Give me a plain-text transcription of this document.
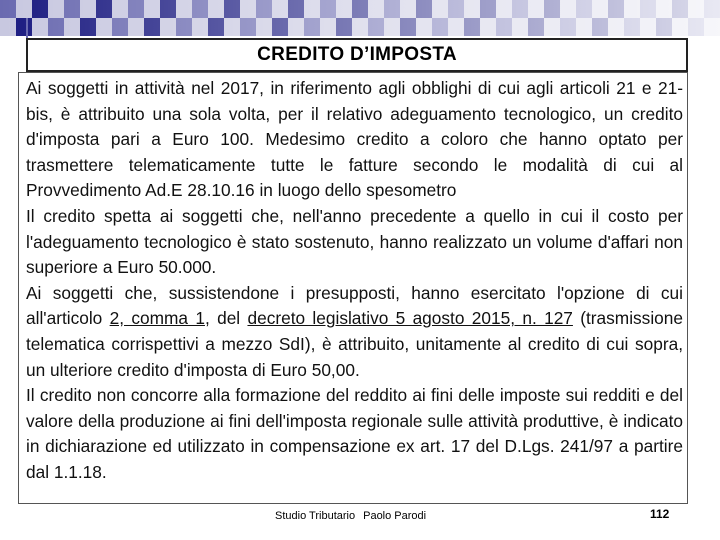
CREDITO D’IMPOSTA

Ai soggetti in attività nel 2017, in riferimento agli obblighi di cui agli articoli 21 e 21-bis, è attribuito una sola volta, per il relativo adeguamento tecnologico, un credito d'imposta pari a Euro 100. Medesimo credito a coloro che hanno optato per trasmettere telematicamente tutte le fatture secondo le modalità di cui al Provvedimento Ad.E 28.10.16 in luogo dello spesometro

Il credito spetta ai soggetti che, nell'anno precedente a quello in cui il costo per l'adeguamento tecnologico è stato sostenuto, hanno realizzato un volume d'affari non superiore a Euro 50.000.

Ai soggetti che, sussistendone i presupposti, hanno esercitato l'opzione di cui all'articolo 2, comma 1, del decreto legislativo 5 agosto 2015, n. 127 (trasmissione telematica corrispettivi a mezzo SdI), è attribuito, unitamente al credito di cui sopra, un ulteriore credito d'imposta di Euro 50,00.

Il credito non concorre alla formazione del reddito ai fini delle imposte sui redditi e del valore della produzione ai fini dell'imposta regionale sulle attività produttive, è indicato in dichiarazione ed utilizzato in compensazione ex art. 17 del D.Lgs. 241/97 a partire dal 1.1.18.

Studio Tributario Paolo Parodi	112
